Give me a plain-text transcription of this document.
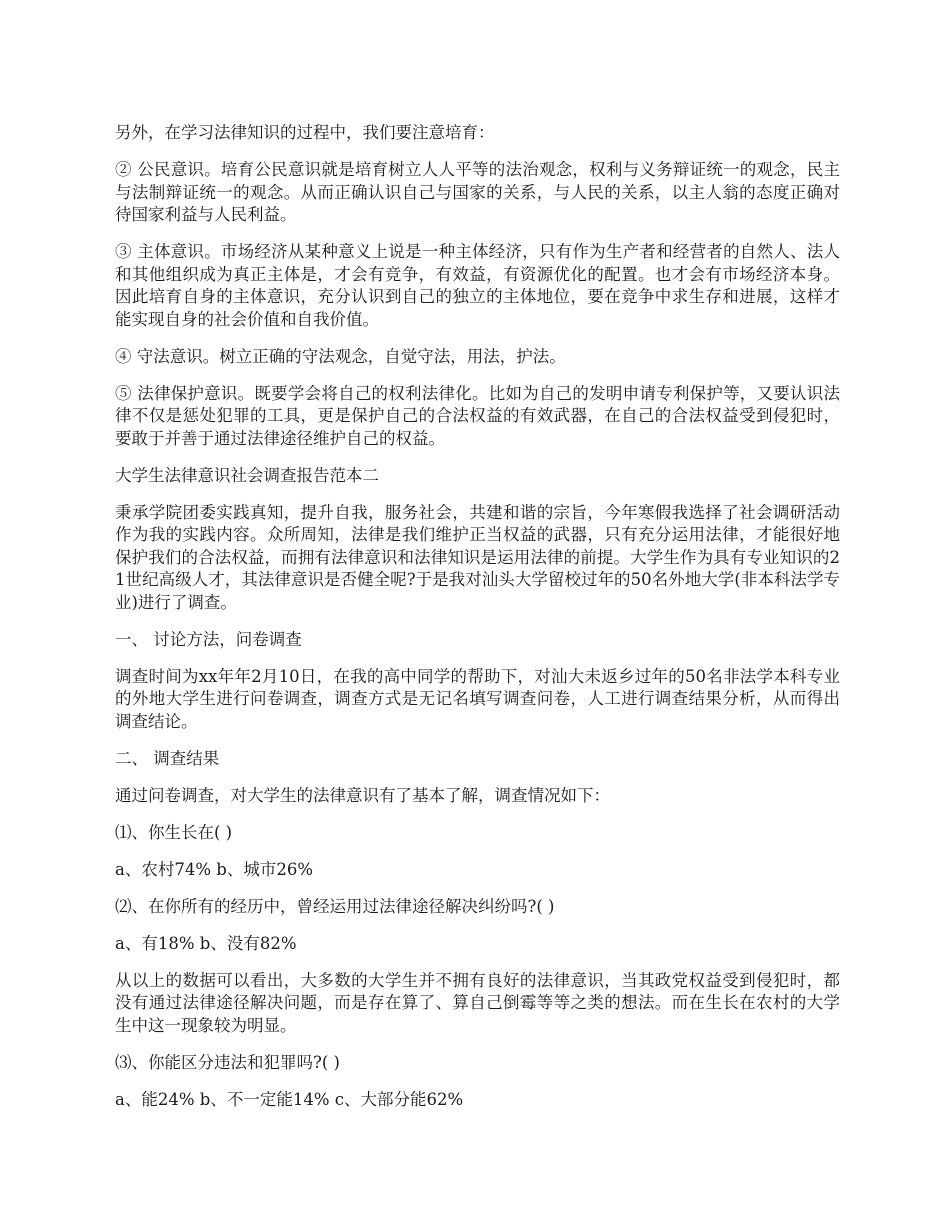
另外，在学习法律知识的过程中，我们要注意培育：

② 公民意识。培育公民意识就是培育树立人人平等的法治观念，权利与义务辩证统一的观念，民主与法制辩证统一的观念。从而正确认识自己与国家的关系，与人民的关系，以主人翁的态度正确对待国家利益与人民利益。

③ 主体意识。市场经济从某种意义上说是一种主体经济，只有作为生产者和经营者的自然人、法人和其他组织成为真正主体是，才会有竞争，有效益，有资源优化的配置。也才会有市场经济本身。因此培育自身的主体意识，充分认识到自己的独立的主体地位，要在竞争中求生存和进展，这样才能实现自身的社会价值和自我价值。

④ 守法意识。树立正确的守法观念，自觉守法，用法，护法。

⑤ 法律保护意识。既要学会将自己的权利法律化。比如为自己的发明申请专利保护等，又要认识法律不仅是惩处犯罪的工具，更是保护自己的合法权益的有效武器，在自己的合法权益受到侵犯时，要敢于并善于通过法律途径维护自己的权益。

大学生法律意识社会调查报告范本二

秉承学院团委实践真知，提升自我，服务社会，共建和谐的宗旨，今年寒假我选择了社会调研活动作为我的实践内容。众所周知，法律是我们维护正当权益的武器，只有充分运用法律，才能很好地保护我们的合法权益，而拥有法律意识和法律知识是运用法律的前提。大学生作为具有专业知识的21世纪高级人才，其法律意识是否健全呢?于是我对汕头大学留校过年的50名外地大学(非本科法学专业)进行了调查。

一、 讨论方法，问卷调查

调查时间为xx年年2月10日，在我的高中同学的帮助下，对汕大未返乡过年的50名非法学本科专业的外地大学生进行问卷调查，调查方式是无记名填写调查问卷，人工进行调查结果分析，从而得出调查结论。

二、 调查结果

通过问卷调查，对大学生的法律意识有了基本了解，调查情况如下：

⑴、你生长在( )

a、农村74% b、城市26%

⑵、在你所有的经历中，曾经运用过法律途径解决纠纷吗?( )

a、有18% b、没有82%

从以上的数据可以看出，大多数的大学生并不拥有良好的法律意识，当其政党权益受到侵犯时，都没有通过法律途径解决问题，而是存在算了、算自己倒霉等等之类的想法。而在生长在农村的大学生中这一现象较为明显。

⑶、你能区分违法和犯罪吗?( )

a、能24% b、不一定能14% c、大部分能62%
